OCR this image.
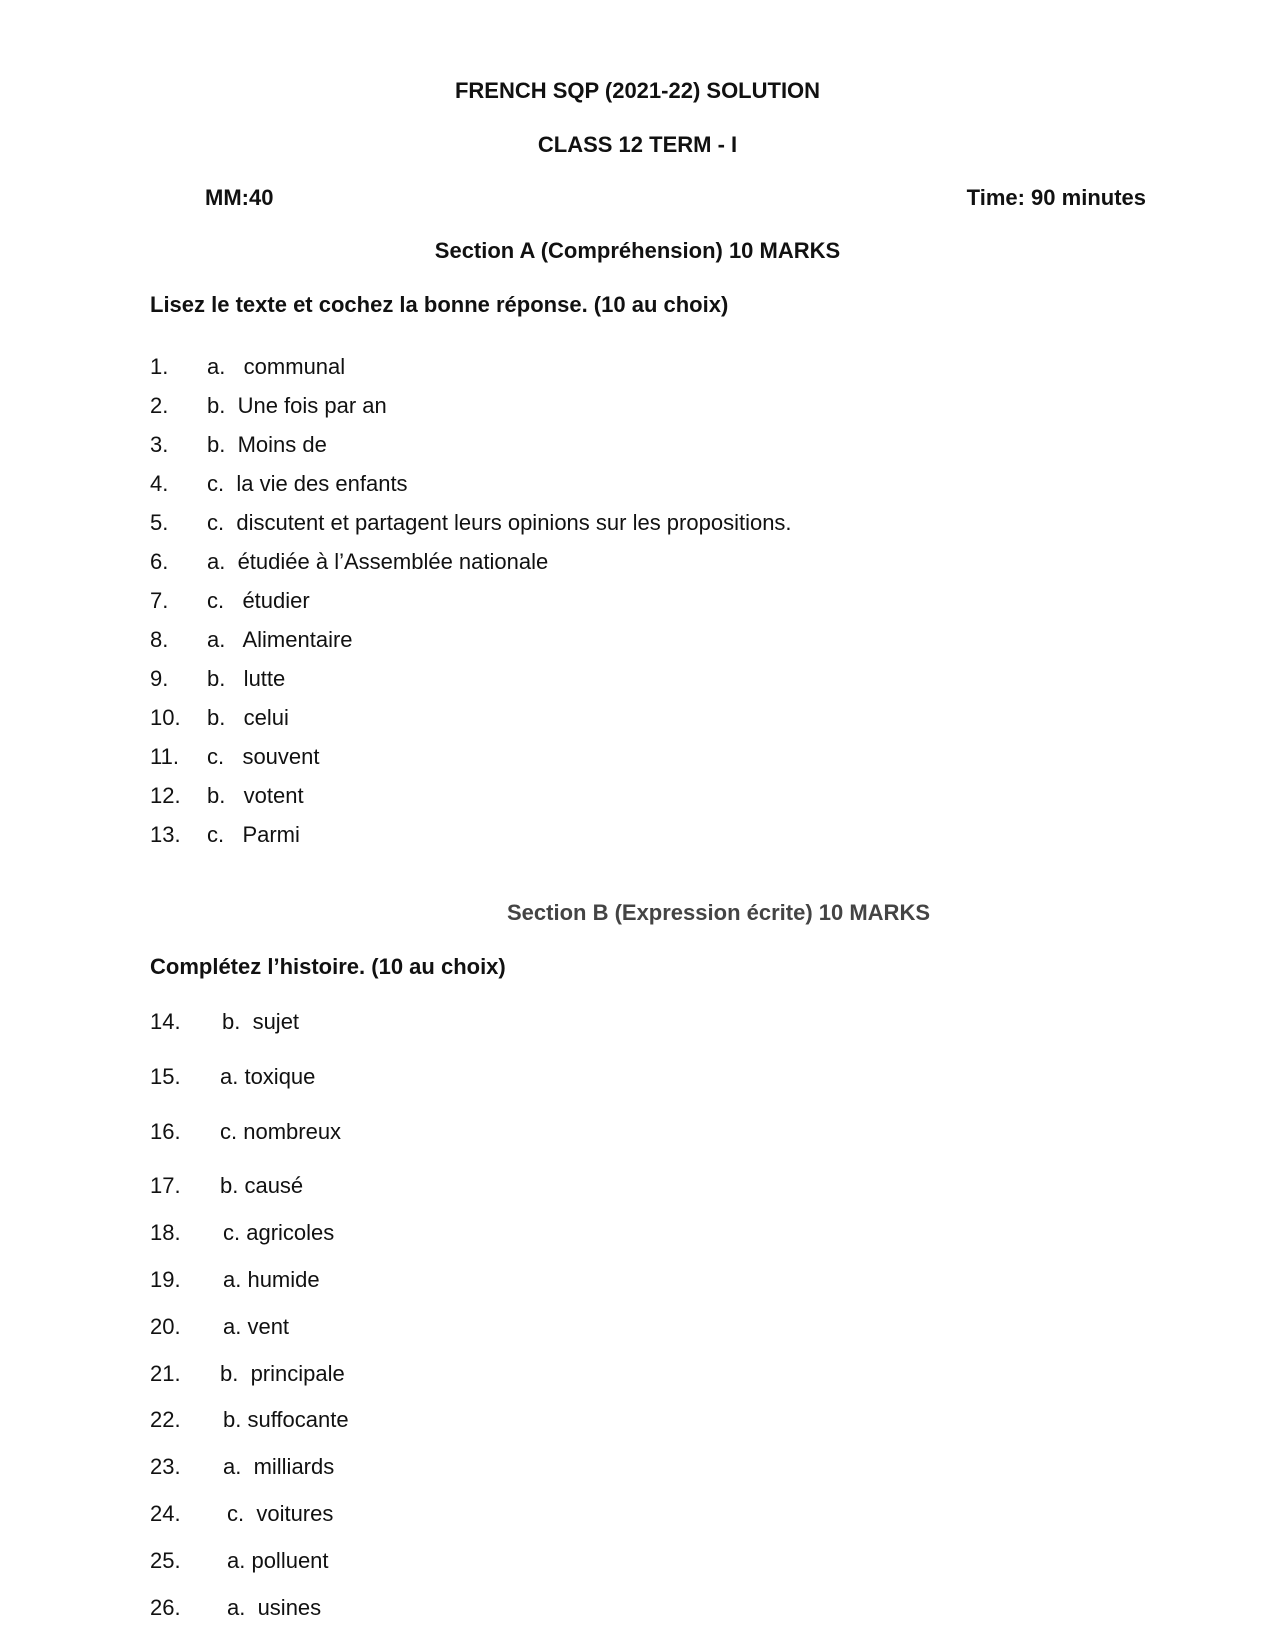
FRENCH SQP (2021-22) SOLUTION
CLASS 12 TERM - I
MM:40	Time: 90 minutes
Section A (Compréhension) 10 MARKS
Lisez le texte et cochez la bonne réponse. (10 au choix)
1. a.   communal
2. b.  Une fois par an
3. b.  Moins de
4. c.  la vie des enfants
5. c.  discutent et partagent leurs opinions sur les propositions.
6. a.  étudiée à l’Assemblée nationale
7. c.   étudier
8. a.   Alimentaire
9. b.   lutte
10. b.   celui
11. c.   souvent
12. b.   votent
13. c.   Parmi
Section B (Expression écrite) 10 MARKS
Complétez l’histoire. (10 au choix)
14. b.  sujet
15. a. toxique
16. c. nombreux
17. b. causé
18. c. agricoles
19. a. humide
20. a. vent
21. b.  principale
22. b. suffocante
23. a.  milliards
24. c.  voitures
25. a. polluent
26. a.  usines
